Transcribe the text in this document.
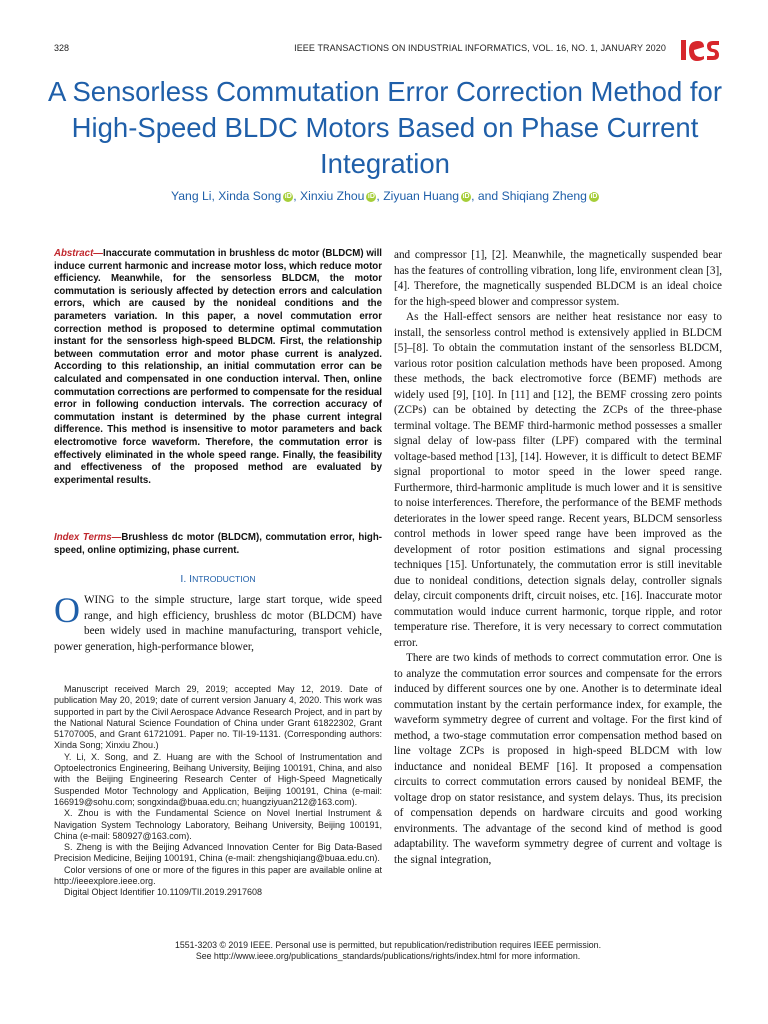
328	IEEE TRANSACTIONS ON INDUSTRIAL INFORMATICS, VOL. 16, NO. 1, JANUARY 2020
A Sensorless Commutation Error Correction Method for High-Speed BLDC Motors Based on Phase Current Integration
Yang Li, Xinda Song iD , Xinxiu Zhou iD , Ziyuan Huang iD , and Shiqiang Zheng iD
Abstract—Inaccurate commutation in brushless dc motor (BLDCM) will induce current harmonic and increase motor loss, which reduce motor efficiency. Meanwhile, for the sensorless BLDCM, the motor commutation is seriously affected by detection errors and calculation errors, which are caused by the nonideal conditions and the parameters variation. In this paper, a novel commutation error correction method is proposed to determine optimal commutation instant for the sensorless high-speed BLDCM. First, the relationship between commutation error and motor phase current is analyzed. According to this relationship, an initial commutation error can be calculated and compensated in one conduction interval. Then, online commutation corrections are performed to compensate for the residual error in following conduction intervals. The correction accuracy of commutation instant is determined by the phase current integral difference. This method is insensitive to motor parameters and back electromotive force waveform. Therefore, the commutation error is effectively eliminated in the whole speed range. Finally, the feasibility and effectiveness of the proposed method are evaluated by experimental results.
Index Terms—Brushless dc motor (BLDCM), commutation error, high-speed, online optimizing, phase current.
I. INTRODUCTION
OWING to the simple structure, large start torque, wide speed range, and high efficiency, brushless dc motor (BLDCM) have been widely used in machine manufacturing, transport vehicle, power generation, high-performance blower,

Manuscript received March 29, 2019; accepted May 12, 2019. Date of publication May 20, 2019; date of current version January 4, 2020. This work was supported in part by the Civil Aerospace Advance Research Project, and in part by the National Natural Science Foundation of China under Grant 61822302, Grant 51707005, and Grant 61721091. Paper no. TII-19-1131. (Corresponding authors: Xinda Song; Xinxiu Zhou.)

Y. Li, X. Song, and Z. Huang are with the School of Instrumentation and Optoelectronics Engineering, Beihang University, Beijing 100191, China, and also with the Beijing Engineering Research Center of High-Speed Magnetically Suspended Motor Technology and Application, Beijing 100191, China (e-mail: 166919@sohu.com; songxinda@buaa.edu.cn; huangziyuan212@163.com).

X. Zhou is with the Fundamental Science on Novel Inertial Instrument & Navigation System Technology Laboratory, Beihang University, Beijing 100191, China (e-mail: 580927@163.com).

S. Zheng is with the Beijing Advanced Innovation Center for Big Data-Based Precision Medicine, Beijing 100191, China (e-mail: zhengshiqiang@buaa.edu.cn).

Color versions of one or more of the figures in this paper are available online at http://ieeexplore.ieee.org.

Digital Object Identifier 10.1109/TII.2019.2917608

and compressor [1], [2]. Meanwhile, the magnetically suspended bear has the features of controlling vibration, long life, environment clean [3], [4]. Therefore, the magnetically suspended BLDCM is an ideal choice for the high-speed blower and compressor system.

As the Hall-effect sensors are neither heat resistance nor easy to install, the sensorless control method is extensively applied in BLDCM [5]–[8]. To obtain the commutation instant of the sensorless BLDCM, various rotor position calculation methods have been proposed. Among these methods, the back electromotive force (BEMF) methods are widely used [9], [10]. In [11] and [12], the BEMF crossing zero points (ZCPs) can be obtained by detecting the ZCPs of the three-phase terminal voltage. The BEMF third-harmonic method possesses a smaller signal delay of low-pass filter (LPF) compared with the terminal voltage-based method [13], [14]. However, it is difficult to detect BEMF signal proportional to motor speed in the lower speed range. Furthermore, third-harmonic amplitude is much lower and it is sensitive to noise interferences. Therefore, the performance of the BEMF methods deteriorates in the lower speed range. Recent years, BLDCM sensorless control methods in lower speed range have been improved as the development of rotor position estimations and signal processing techniques [15]. Unfortunately, the commutation error is still inevitable due to nonideal conditions, detection signals delay, controller signals delay, circuit components drift, circuit noises, etc. [16]. Inaccurate motor commutation would induce current harmonic, torque ripple, and rotor temperature rise. Therefore, it is very necessary to correct commutation error.

There are two kinds of methods to correct commutation error. One is to analyze the commutation error sources and compensate for the errors induced by different sources one by one. Another is to determinate ideal commutation instant by the certain performance index, for example, the waveform symmetry degree of current and voltage. For the first kind of method, a two-stage commutation error compensation method based on line voltage ZCPs is proposed in high-speed BLDCM with low inductance and nonideal BEMF [16]. It proposed a compensation circuits to correct commutation errors caused by nonideal BEMF, the voltage drop on stator resistance, and system delays. Thus, its precision of compensation depends on hardware circuits and good working environments. The advantage of the second kind of method is good adaptability. The waveform symmetry degree of current and voltage is the signal integration,

1551-3203 © 2019 IEEE. Personal use is permitted, but republication/redistribution requires IEEE permission.
See http://www.ieee.org/publications_standards/publications/rights/index.html for more information.
